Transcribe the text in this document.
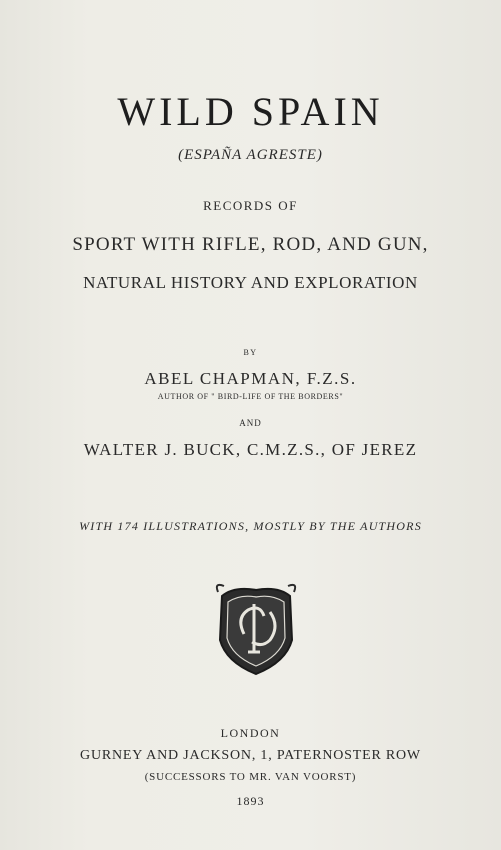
WILD SPAIN
(ESPAÑA AGRESTE)
RECORDS OF
SPORT WITH RIFLE, ROD, AND GUN,
NATURAL HISTORY AND EXPLORATION
BY
ABEL CHAPMAN, F.Z.S.
AUTHOR OF " BIRD-LIFE OF THE BORDERS"
AND
WALTER J. BUCK, C.M.Z.S., OF JEREZ
WITH 174 ILLUSTRATIONS, MOSTLY BY THE AUTHORS
LONDON
GURNEY AND JACKSON, 1, PATERNOSTER ROW
(SUCCESSORS TO MR. VAN VOORST)
1893
